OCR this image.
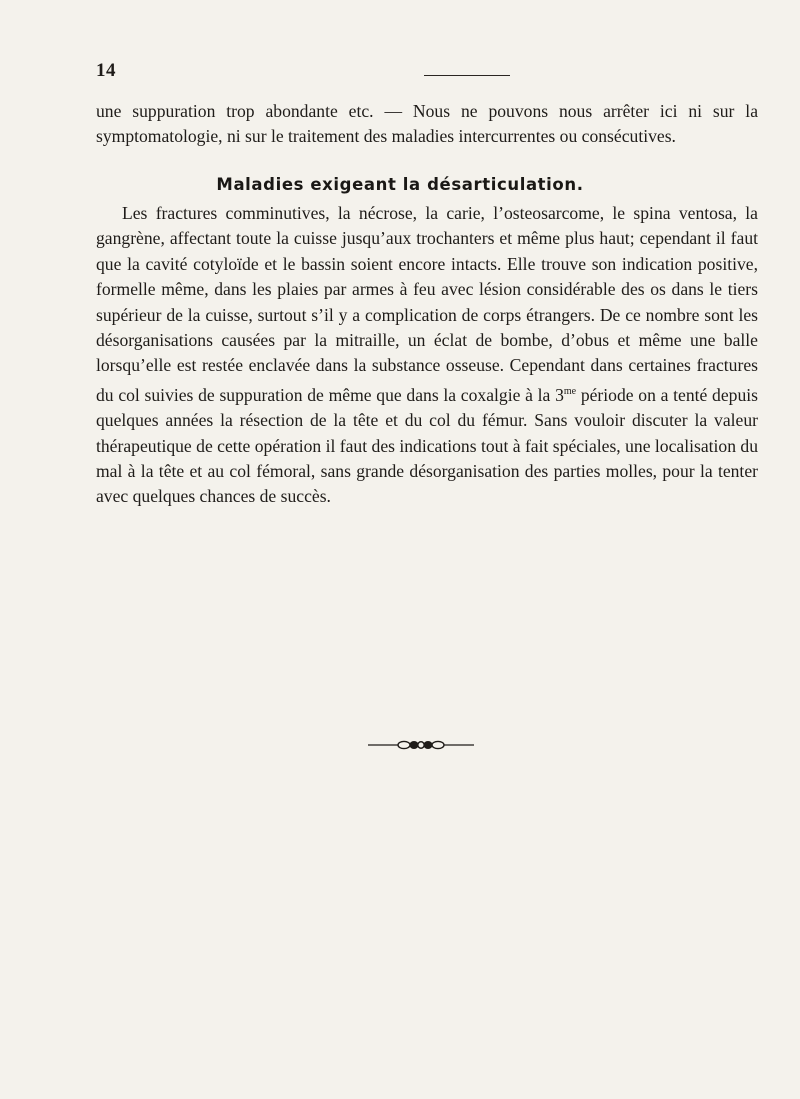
14

une suppuration trop abondante etc. — Nous ne pouvons nous arrêter ici ni sur la symptomatologie, ni sur le traitement des maladies intercurrentes ou consécutives.

Maladies exigeant la désarticulation.

Les fractures comminutives, la nécrose, la carie, l’osteosarcome, le spina ventosa, la gangrène, affectant toute la cuisse jusqu’aux trochanters et même plus haut; cependant il faut que la cavité cotyloïde et le bassin soient encore intacts. Elle trouve son indication positive, formelle même, dans les plaies par armes à feu avec lésion considérable des os dans le tiers supérieur de la cuisse, surtout s’il y a complication de corps étrangers. De ce nombre sont les désorganisations causées par la mitraille, un éclat de bombe, d’obus et même une balle lorsqu’elle est restée enclavée dans la substance osseuse. Cependant dans certaines fractures du col suivies de suppuration de même que dans la coxalgie à la $3^{me}$ période on a tenté depuis quelques années la résection de la tête et du col du fémur. Sans vouloir discuter la valeur thérapeutique de cette opération il faut des indications tout à fait spéciales, une localisation du mal à la tête et au col fémoral, sans grande désorganisation des parties molles, pour la tenter avec quelques chances de succès.
